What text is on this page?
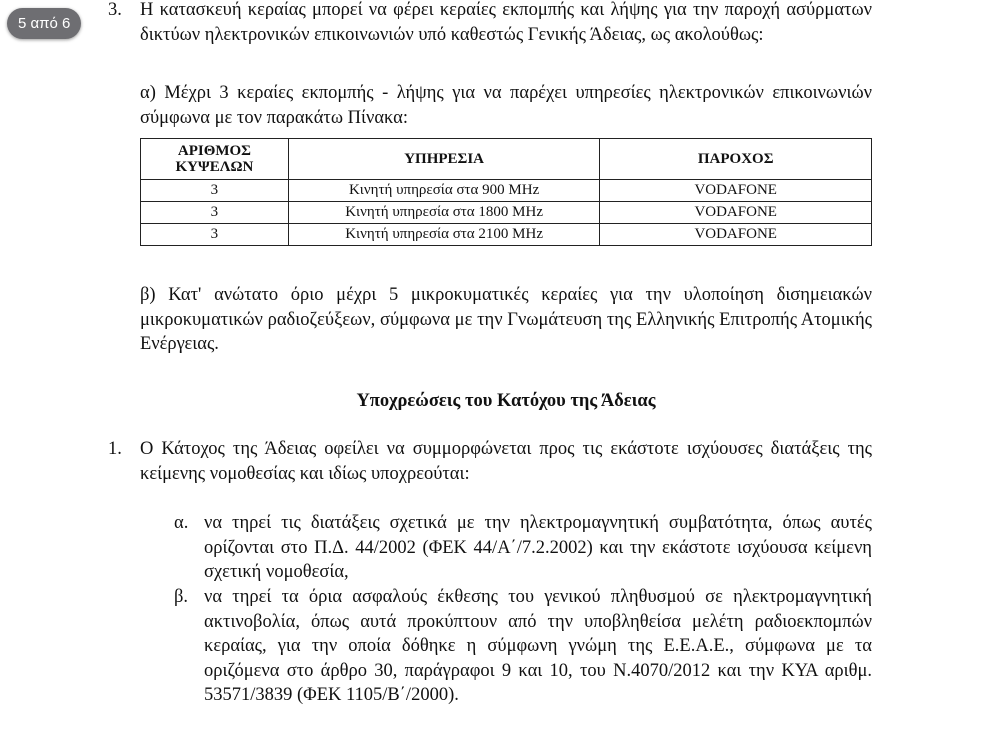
5 από 6
3. Η κατασκευή κεραίας μπορεί να φέρει κεραίες εκπομπής και λήψης για την παροχή ασύρματων δικτύων ηλεκτρονικών επικοινωνιών υπό καθεστώς Γενικής Άδειας, ως ακολούθως:

α) Μέχρι 3 κεραίες εκπομπής - λήψης για να παρέχει υπηρεσίες ηλεκτρονικών επικοινωνιών σύμφωνα με τον παρακάτω Πίνακα:

ΑΡΙΘΜΟΣ ΚΥΨΕΛΩΝ	ΥΠΗΡΕΣΙΑ	ΠΑΡΟΧΟΣ
3	Κινητή υπηρεσία στα 900 MHz	VODAFONE
3	Κινητή υπηρεσία στα 1800 MHz	VODAFONE
3	Κινητή υπηρεσία στα 2100 MHz	VODAFONE

β) Κατ' ανώτατο όριο μέχρι 5 μικροκυματικές κεραίες για την υλοποίηση δισημειακών μικροκυματικών ραδιοζεύξεων, σύμφωνα με την Γνωμάτευση της Ελληνικής Επιτροπής Ατομικής Ενέργειας.

Υποχρεώσεις του Κατόχου της Άδειας
1. Ο Κάτοχος της Άδειας οφείλει να συμμορφώνεται προς τις εκάστοτε ισχύουσες διατάξεις της κείμενης νομοθεσίας και ιδίως υποχρεούται:

α. να τηρεί τις διατάξεις σχετικά με την ηλεκτρομαγνητική συμβατότητα, όπως αυτές ορίζονται στο Π.Δ. 44/2002 (ΦΕΚ 44/Α΄/7.2.2002) και την εκάστοτε ισχύουσα κείμενη σχετική νομοθεσία,

β. να τηρεί τα όρια ασφαλούς έκθεσης του γενικού πληθυσμού σε ηλεκτρομαγνητική ακτινοβολία, όπως αυτά προκύπτουν από την υποβληθείσα μελέτη ραδιοεκπομπών κεραίας, για την οποία δόθηκε η σύμφωνη γνώμη της Ε.Ε.Α.Ε., σύμφωνα με τα οριζόμενα στο άρθρο 30, παράγραφοι 9 και 10, του Ν.4070/2012 και την ΚΥΑ αριθμ. 53571/3839 (ΦΕΚ 1105/Β΄/2000).
